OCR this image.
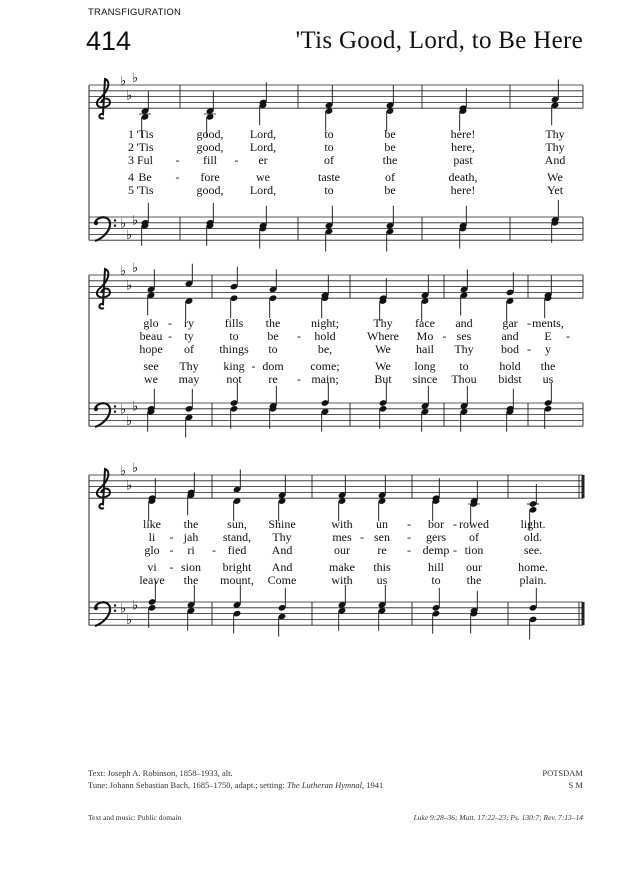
TRANSFIGURATION
414	'Tis Good, Lord, to Be Here
♭
♭
♭
♭
♭
♭
♭
♭
♭
♭
♭
♭
♭
♭
♭
♭
♭
♭
1 'Tis	good, Lord,	to	be	here!	Thy
2 'Tis	good, Lord,	to	be	here,	Thy
3 Ful - fill - er	of	the	past	And
4 Be - fore	we	taste	of	death,	We
5 'Tis	good, Lord,	to	be	here!	Yet
glo - ry	fills the	night;	Thy face and gar - ments,
beau - ty	to be - hold	Where Mo - ses	and E -
hope of things to	be,	We hail Thy bod - y
see Thy king - dom come;	We long to	hold the
we may not re - main;	But since Thou bidst us
like the sun, Shine	with un - bor - rowed	light.
li - jah stand, Thy	mes - sen - gers of	old.
glo - ri - fied And	our re - demp - tion	see.
vi - sion bright And	make this	hill our	home.
leave the mount, Come	with us	to the	plain.
Text: Joseph A. Robinson, 1858–1933, alt.
Tune: Johann Sebastian Bach, 1685–1750, adapt.; setting: The Lutheran Hymnal, 1941
POTSDAM
S M
Text and music: Public domain	Luke 9:28–36; Matt. 17:22–23; Ps. 130:7; Rev. 7:13–14
